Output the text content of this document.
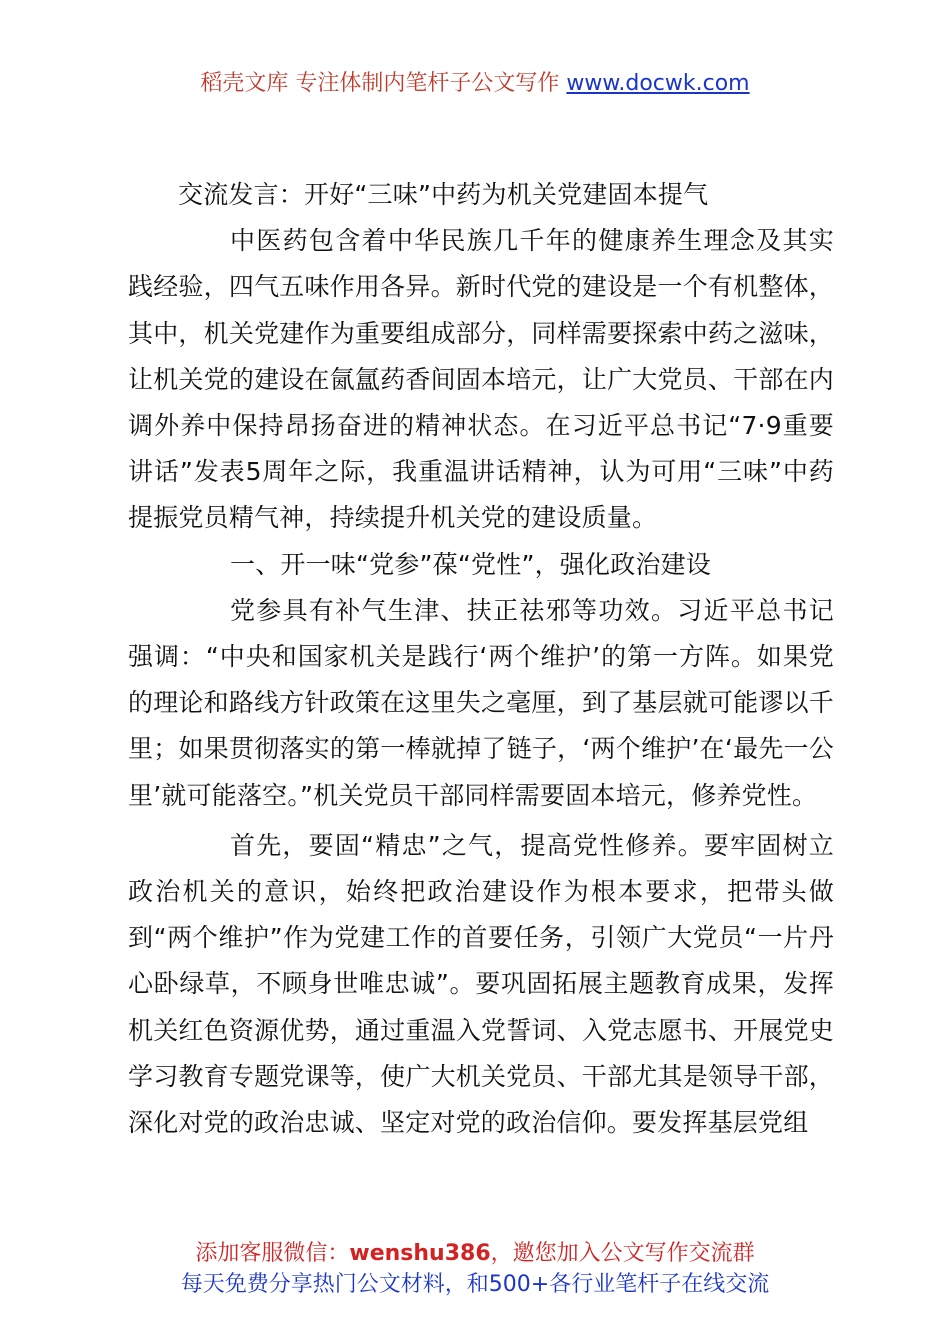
稻壳文库 专注体制内笔杆子公文写作 www.docwk.com

交流发言：开好“三味”中药为机关党建固本提气

中医药包含着中华民族几千年的健康养生理念及其实践经验，四气五味作用各异。新时代党的建设是一个有机整体，其中，机关党建作为重要组成部分，同样需要探索中药之滋味，让机关党的建设在氤氲药香间固本培元，让广大党员、干部在内调外养中保持昂扬奋进的精神状态。在习近平总书记“7·9重要讲话”发表5周年之际，我重温讲话精神，认为可用“三味”中药提振党员精气神，持续提升机关党的建设质量。

一、开一味“党参”葆“党性”，强化政治建设

党参具有补气生津、扶正祛邪等功效。习近平总书记强调：“中央和国家机关是践行‘两个维护’的第一方阵。如果党的理论和路线方针政策在这里失之毫厘，到了基层就可能谬以千里；如果贯彻落实的第一棒就掉了链子，‘两个维护’在‘最先一公里’就可能落空。”机关党员干部同样需要固本培元，修养党性。

首先，要固“精忠”之气，提高党性修养。要牢固树立政治机关的意识，始终把政治建设作为根本要求，把带头做到“两个维护”作为党建工作的首要任务，引领广大党员“一片丹心卧绿草，不顾身世唯忠诚”。要巩固拓展主题教育成果，发挥机关红色资源优势，通过重温入党誓词、入党志愿书、开展党史学习教育专题党课等，使广大机关党员、干部尤其是领导干部，深化对党的政治忠诚、坚定对党的政治信仰。要发挥基层党组

添加客服微信：wenshu386，邀您加入公文写作交流群
每天免费分享热门公文材料，和500+各行业笔杆子在线交流
